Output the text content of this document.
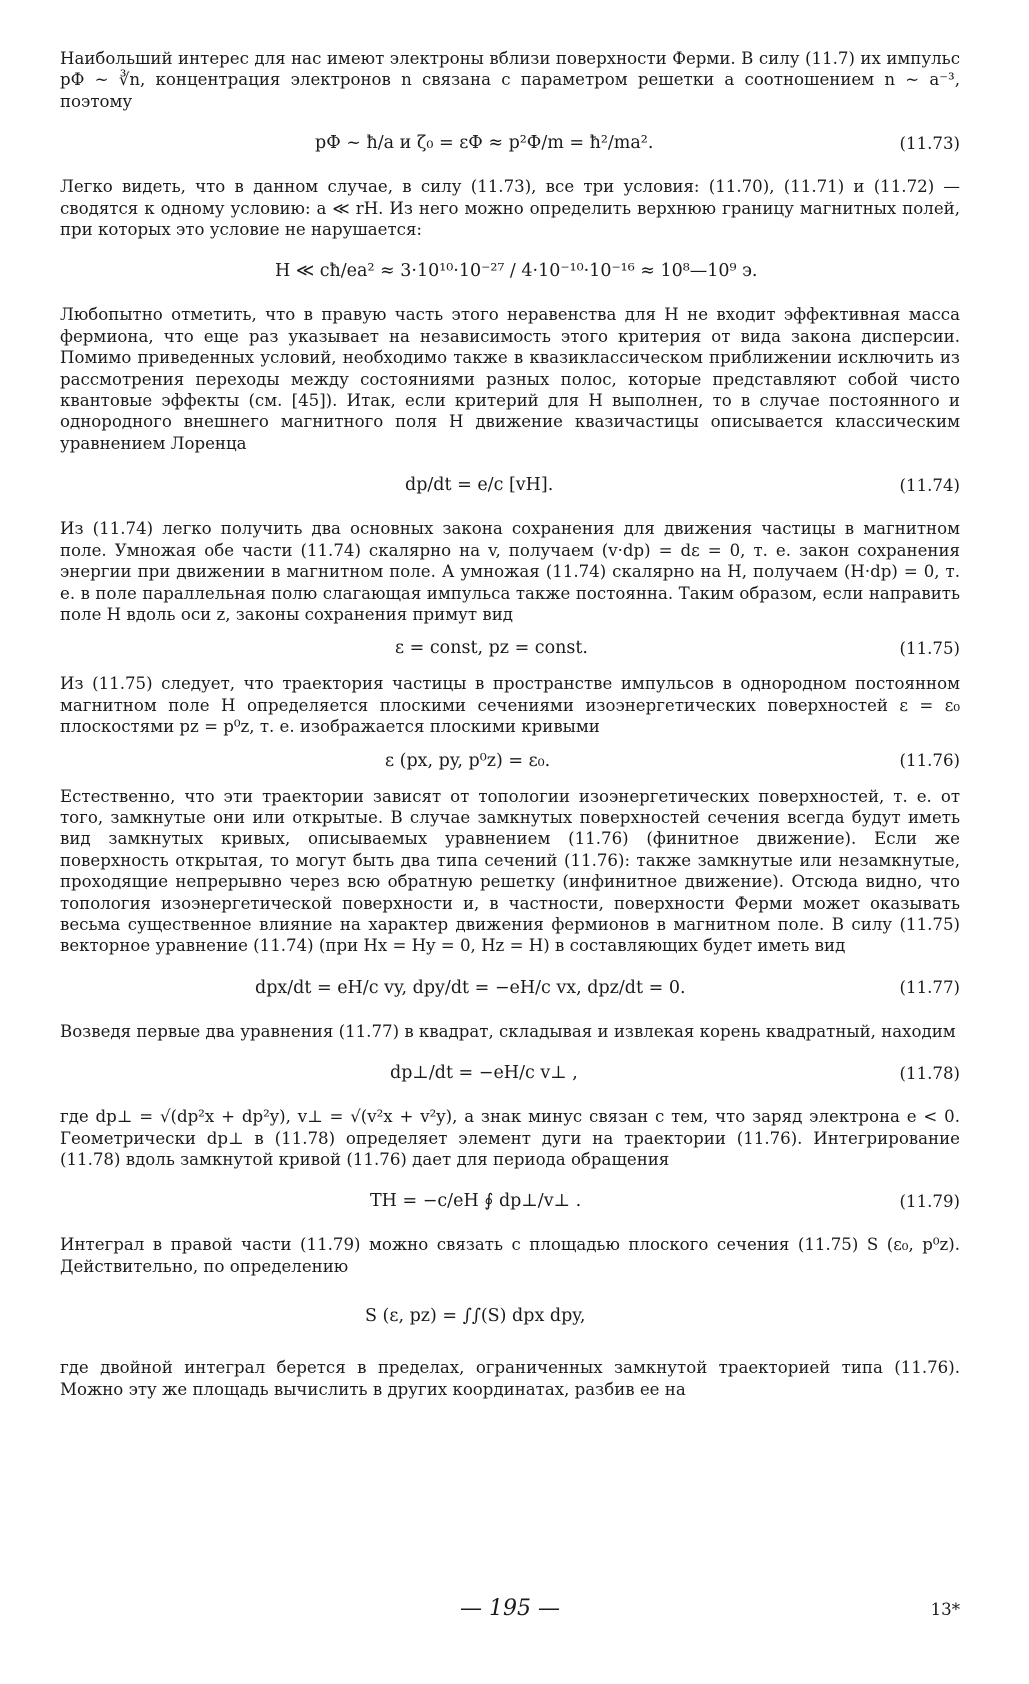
Наибольший интерес для нас имеют электроны вблизи поверхности Ферми. В силу (11.7) их импульс pФ ~ ∛n, концентрация электронов n связана с параметром решетки a соотношением n ~ a⁻³, поэтому

pФ ~ ħ/a и ζ₀ = εФ ≈ p²Ф/m = ħ²/ma².	(11.73)

Легко видеть, что в данном случае, в силу (11.73), все три условия: (11.70), (11.71) и (11.72) — сводятся к одному условию: a ≪ rH. Из него можно определить верхнюю границу магнитных полей, при которых это условие не нарушается:

H ≪ cħ/ea² ≈ 3·10¹⁰·10⁻²⁷ / 4·10⁻¹⁰·10⁻¹⁶ ≈ 10⁸—10⁹ э.

Любопытно отметить, что в правую часть этого неравенства для H не входит эффективная масса фермиона, что еще раз указывает на независимость этого критерия от вида закона дисперсии. Помимо приведенных условий, необходимо также в квазиклассическом приближении исключить из рассмотрения переходы между состояниями разных полос, которые представляют собой чисто квантовые эффекты (см. [45]). Итак, если критерий для H выполнен, то в случае постоянного и однородного внешнего магнитного поля H движение квазичастицы описывается классическим уравнением Лоренца

dp/dt = e/c [vH].	(11.74)

Из (11.74) легко получить два основных закона сохранения для движения частицы в магнитном поле. Умножая обе части (11.74) скалярно на v, получаем (v·dp) = dε = 0, т. е. закон сохранения энергии при движении в магнитном поле. А умножая (11.74) скалярно на H, получаем (H·dp) = 0, т. е. в поле параллельная полю слагающая импульса также постоянна. Таким образом, если направить поле H вдоль оси z, законы сохранения примут вид

ε = const, pz = const.	(11.75)

Из (11.75) следует, что траектория частицы в пространстве импульсов в однородном постоянном магнитном поле H определяется плоскими сечениями изоэнергетических поверхностей ε = ε₀ плоскостями pz = p⁰z, т. е. изображается плоскими кривыми

ε (px, py, p⁰z) = ε₀.	(11.76)

Естественно, что эти траектории зависят от топологии изоэнергетических поверхностей, т. е. от того, замкнутые они или открытые. В случае замкнутых поверхностей сечения всегда будут иметь вид замкнутых кривых, описываемых уравнением (11.76) (финитное движение). Если же поверхность открытая, то могут быть два типа сечений (11.76): также замкнутые или незамкнутые, проходящие непрерывно через всю обратную решетку (инфинитное движение). Отсюда видно, что топология изоэнергетической поверхности и, в частности, поверхности Ферми может оказывать весьма существенное влияние на характер движения фермионов в магнитном поле. В силу (11.75) векторное уравнение (11.74) (при Hx = Hy = 0, Hz = H) в составляющих будет иметь вид

dpx/dt = eH/c vy, dpy/dt = −eH/c vx, dpz/dt = 0.	(11.77)

Возведя первые два уравнения (11.77) в квадрат, складывая и извлекая корень квадратный, находим

dp⊥/dt = −eH/c v⊥ ,	(11.78)

где dp⊥ = √(dp²x + dp²y), v⊥ = √(v²x + v²y), а знак минус связан с тем, что заряд электрона e < 0. Геометрически dp⊥ в (11.78) определяет элемент дуги на траектории (11.76). Интегрирование (11.78) вдоль замкнутой кривой (11.76) дает для периода обращения

TH = −c/eH ∮ dp⊥/v⊥ .	(11.79)

Интеграл в правой части (11.79) можно связать с площадью плоского сечения (11.75) S (ε₀, p⁰z). Действительно, по определению

S (ε, pz) = ∫∫(S) dpx dpy,

где двойной интеграл берется в пределах, ограниченных замкнутой траекторией типа (11.76). Можно эту же площадь вычислить в других координатах, разбив ее на

— 195 —	13*
